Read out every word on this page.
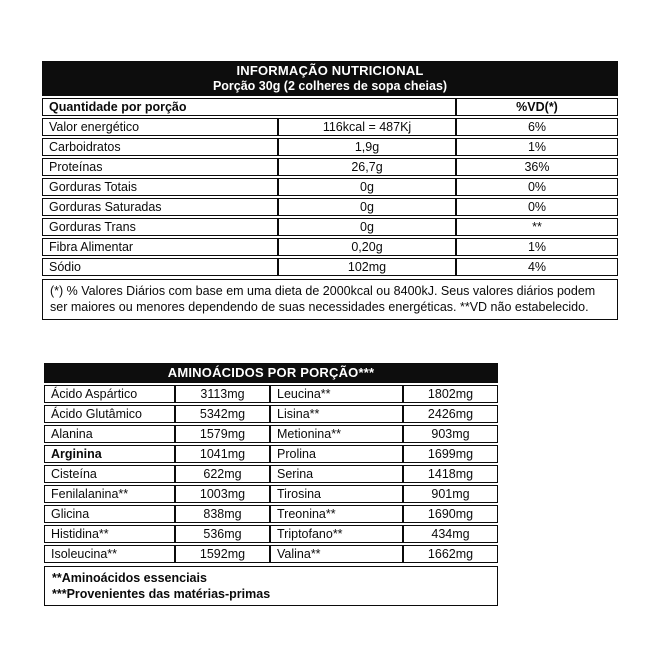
INFORMAÇÃO NUTRICIONAL
Porção 30g (2 colheres de sopa cheias)		

Quantidade por porção		%VD(*)
Valor energético	116kcal = 487Kj	6%
Carboidratos	1,9g	1%
Proteínas	26,7g	36%
Gorduras Totais	0g	0%
Gorduras Saturadas	0g	0%
Gorduras Trans	0g	**
Fibra Alimentar	0,20g	1%
Sódio	102mg	4%
(*) % Valores Diários com base em uma dieta de 2000kcal ou 8400kJ. Seus valores diários podem ser maiores ou menores dependendo de suas necessidades energéticas. **VD não estabelecido.
AMINOÁCIDOS POR PORÇÃO***			

Ácido Aspártico	3113mg	Leucina**	1802mg
Ácido Glutâmico	5342mg	Lisina**	2426mg
Alanina	1579mg	Metionina**	903mg
Arginina	1041mg	Prolina	1699mg
Cisteína	622mg	Serina	1418mg
Fenilalanina**	1003mg	Tirosina	901mg
Glicina	838mg	Treonina**	1690mg
Histidina**	536mg	Triptofano**	434mg
Isoleucina**	1592mg	Valina**	1662mg
**Aminoácidos essenciais
***Provenientes das matérias-primas
